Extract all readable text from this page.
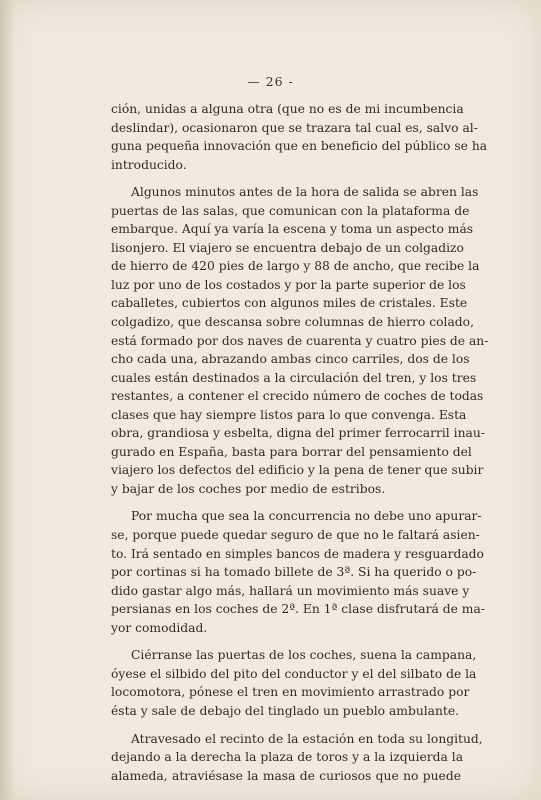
— 26 -
ción, unidas a alguna otra (que no es de mi incumbencia
deslindar), ocasionaron que se trazara tal cual es, salvo al-
guna pequeña innovación que en beneficio del público se ha
introducido.
Algunos minutos antes de la hora de salida se abren las
puertas de las salas, que comunican con la plataforma de
embarque. Aquí ya varía la escena y toma un aspecto más
lisonjero. El viajero se encuentra debajo de un colgadizo
de hierro de 420 pies de largo y 88 de ancho, que recibe la
luz por uno de los costados y por la parte superior de los
caballetes, cubiertos con algunos miles de cristales. Este
colgadizo, que descansa sobre columnas de hierro colado,
está formado por dos naves de cuarenta y cuatro pies de an-
cho cada una, abrazando ambas cinco carriles, dos de los
cuales están destinados a la circulación del tren, y los tres
restantes, a contener el crecido número de coches de todas
clases que hay siempre listos para lo que convenga. Esta
obra, grandiosa y esbelta, digna del primer ferrocarril inau-
gurado en España, basta para borrar del pensamiento del
viajero los defectos del edificio y la pena de tener que subir
y bajar de los coches por medio de estribos.
Por mucha que sea la concurrencia no debe uno apurar-
se, porque puede quedar seguro de que no le faltará asien-
to. Irá sentado en simples bancos de madera y resguardado
por cortinas si ha tomado billete de 3ª. Si ha querido o po-
dido gastar algo más, hallará un movimiento más suave y
persianas en los coches de 2ª. En 1ª clase disfrutará de ma-
yor comodidad.
Ciérranse las puertas de los coches, suena la campana,
óyese el silbido del pito del conductor y el del silbato de la
locomotora, pónese el tren en movimiento arrastrado por
ésta y sale de debajo del tinglado un pueblo ambulante.
Atravesado el recinto de la estación en toda su longitud,
dejando a la derecha la plaza de toros y a la izquierda la
alameda, atraviésase la masa de curiosos que no puede
